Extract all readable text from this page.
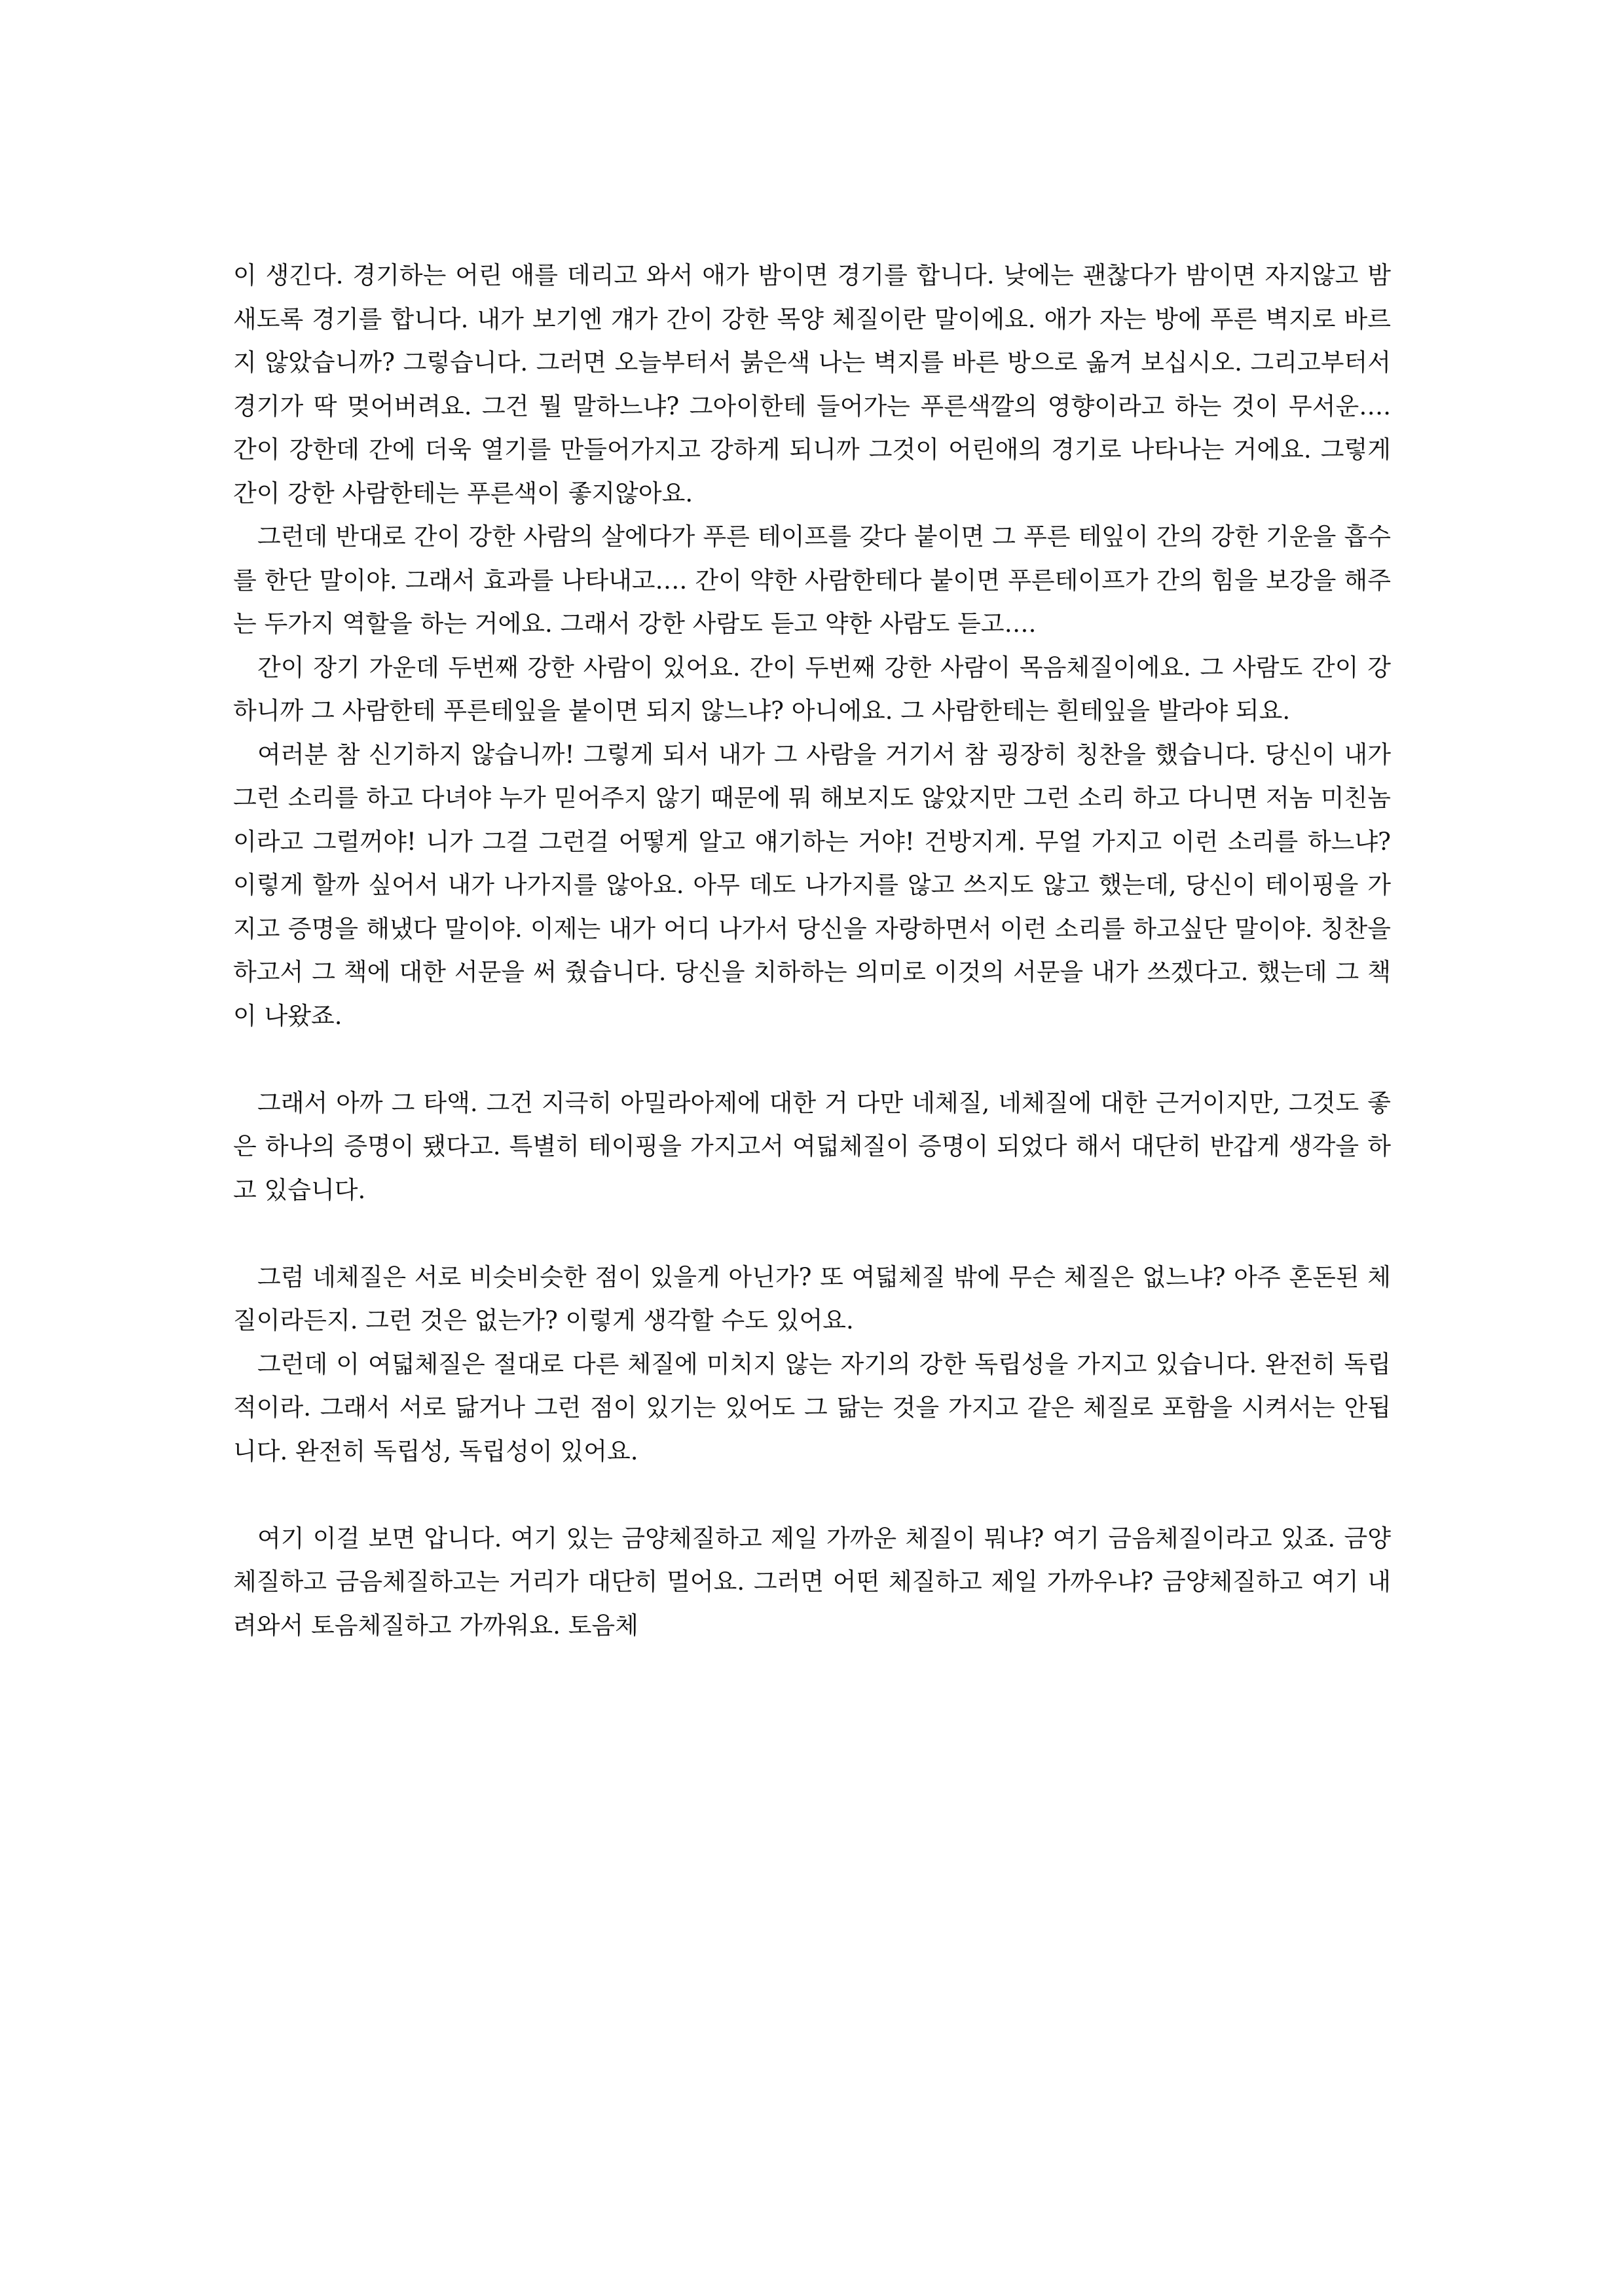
이 생긴다. 경기하는 어린 애를 데리고 와서 애가 밤이면 경기를 합니다. 낮에는 괜찮다가 밤이면 자지않고 밤새도록 경기를 합니다. 내가 보기엔 걔가 간이 강한 목양 체질이란 말이에요. 애가 자는 방에 푸른 벽지로 바르지 않았습니까? 그렇습니다. 그러면 오늘부터서 붉은색 나는 벽지를 바른 방으로 옮겨 보십시오. 그리고부터서 경기가 딱 멎어버려요. 그건 뭘 말하느냐? 그아이한테 들어가는 푸른색깔의 영향이라고 하는 것이 무서운…. 간이 강한데 간에 더욱 열기를 만들어가지고 강하게 되니까 그것이 어린애의 경기로 나타나는 거에요. 그렇게 간이 강한 사람한테는 푸른색이 좋지않아요.

그런데 반대로 간이 강한 사람의 살에다가 푸른 테이프를 갖다 붙이면 그 푸른 테잎이 간의 강한 기운을 흡수를 한단 말이야. 그래서 효과를 나타내고…. 간이 약한 사람한테다 붙이면 푸른테이프가 간의 힘을 보강을 해주는 두가지 역할을 하는 거에요. 그래서 강한 사람도 듣고 약한 사람도 듣고….

간이 장기 가운데 두번째 강한 사람이 있어요. 간이 두번째 강한 사람이 목음체질이에요. 그 사람도 간이 강하니까 그 사람한테 푸른테잎을 붙이면 되지 않느냐? 아니에요. 그 사람한테는 흰테잎을 발라야 되요.

여러분 참 신기하지 않습니까! 그렇게 되서 내가 그 사람을 거기서 참 굉장히 칭찬을 했습니다. 당신이 내가 그런 소리를 하고 다녀야 누가 믿어주지 않기 때문에 뭐 해보지도 않았지만 그런 소리 하고 다니면 저놈 미친놈이라고 그럴꺼야! 니가 그걸 그런걸 어떻게 알고 얘기하는 거야! 건방지게. 무얼 가지고 이런 소리를 하느냐? 이렇게 할까 싶어서 내가 나가지를 않아요. 아무 데도 나가지를 않고 쓰지도 않고 했는데, 당신이 테이핑을 가지고 증명을 해냈다 말이야. 이제는 내가 어디 나가서 당신을 자랑하면서 이런 소리를 하고싶단 말이야. 칭찬을 하고서 그 책에 대한 서문을 써 줬습니다. 당신을 치하하는 의미로 이것의 서문을 내가 쓰겠다고. 했는데 그 책이 나왔죠.

그래서 아까 그 타액. 그건 지극히 아밀라아제에 대한 거 다만 네체질, 네체질에 대한 근거이지만, 그것도 좋은 하나의 증명이 됐다고. 특별히 테이핑을 가지고서 여덟체질이 증명이 되었다 해서 대단히 반갑게 생각을 하고 있습니다.

그럼 네체질은 서로 비슷비슷한 점이 있을게 아닌가? 또 여덟체질 밖에 무슨 체질은 없느냐? 아주 혼돈된 체질이라든지. 그런 것은 없는가? 이렇게 생각할 수도 있어요.

그런데 이 여덟체질은 절대로 다른 체질에 미치지 않는 자기의 강한 독립성을 가지고 있습니다. 완전히 독립적이라. 그래서 서로 닮거나 그런 점이 있기는 있어도 그 닮는 것을 가지고 같은 체질로 포함을 시켜서는 안됩니다. 완전히 독립성, 독립성이 있어요.

여기 이걸 보면 압니다. 여기 있는 금양체질하고 제일 가까운 체질이 뭐냐? 여기 금음체질이라고 있죠. 금양체질하고 금음체질하고는 거리가 대단히 멀어요. 그러면 어떤 체질하고 제일 가까우냐? 금양체질하고 여기 내려와서 토음체질하고 가까워요. 토음체
